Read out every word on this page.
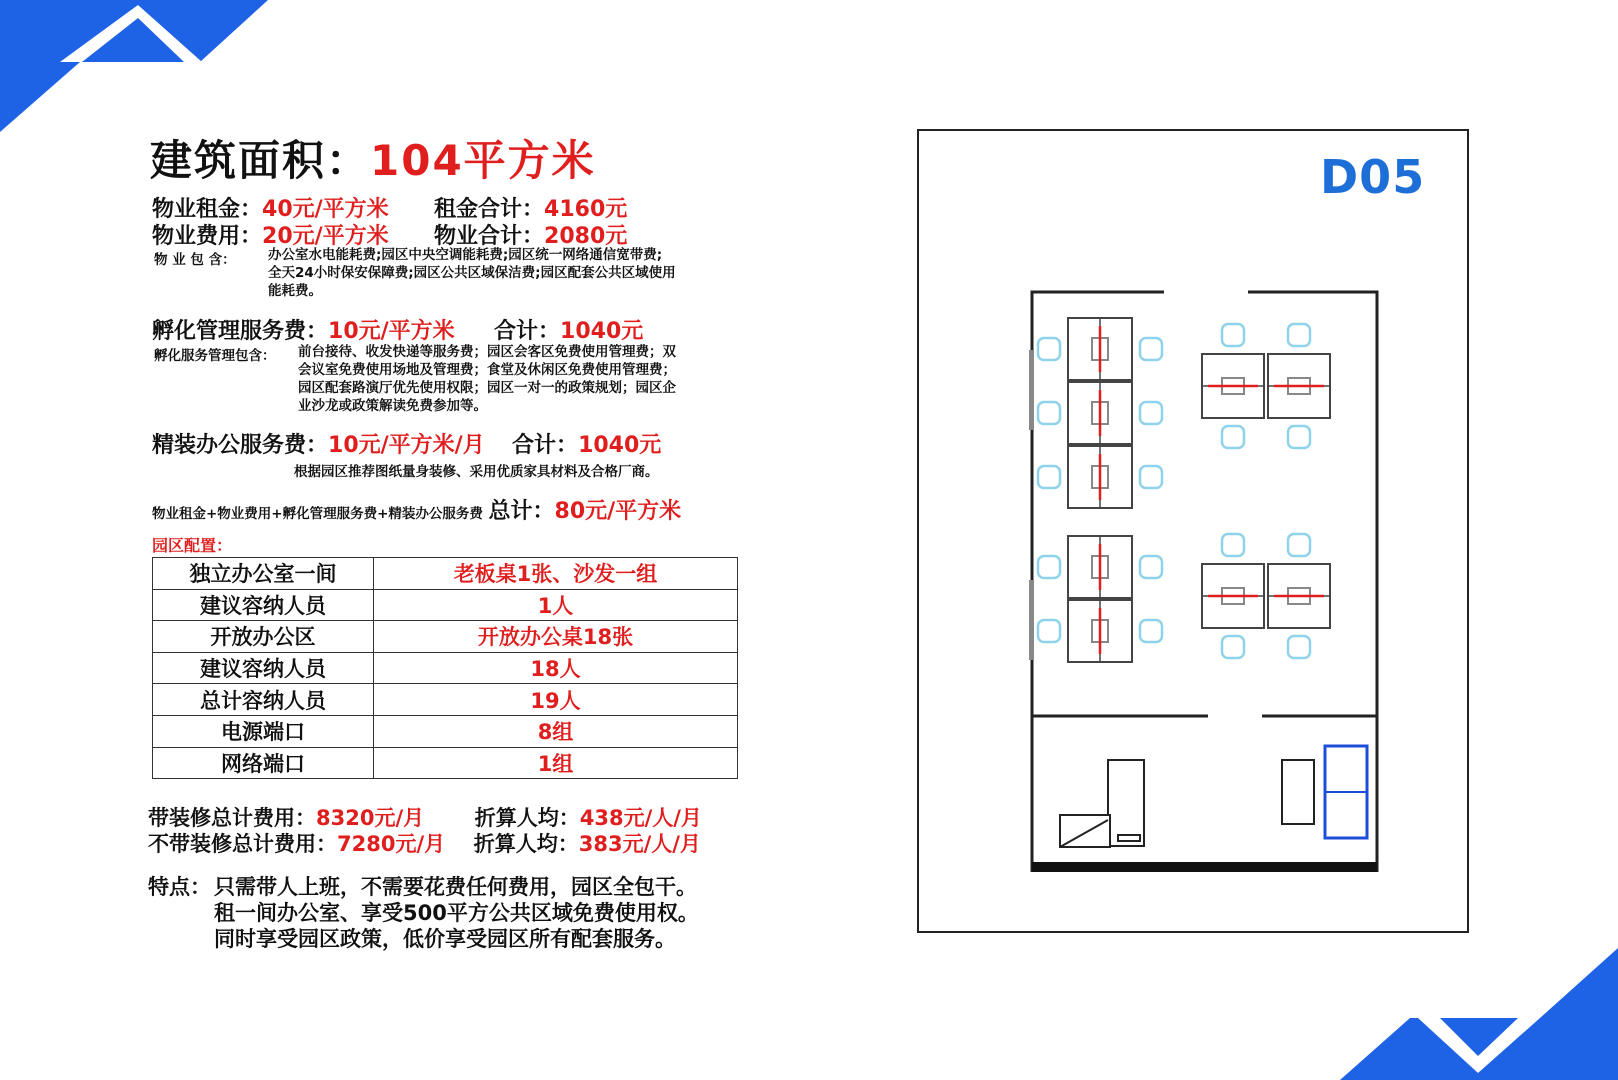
建筑面积：104平方米
物业租金：40元/平方米 租金合计：4160元
物业费用：20元/平方米 物业合计：2080元
物 业 包 含： 办公室水电能耗费;园区中央空调能耗费;园区统一网络通信宽带费;
全天24小时保安保障费;园区公共区域保洁费;园区配套公共区域使用
能耗费。
孵化管理服务费：10元/平方米 合计：1040元
孵化服务管理包含： 前台接待、收发快递等服务费；园区会客区免费使用管理费；双
会议室免费使用场地及管理费；食堂及休闲区免费使用管理费；
园区配套路演厅优先使用权限；园区一对一的政策规划；园区企
业沙龙或政策解读免费参加等。
精装办公服务费：10元/平方米/月 合计：1040元
根据园区推荐图纸量身装修、采用优质家具材料及合格厂商。
物业租金+物业费用+孵化管理服务费+精装办公服务费 总计：80元/平方米
园区配置：
独立办公室一间	老板桌1张、沙发一组
建议容纳人员	1人
开放办公区	开放办公桌18张
建议容纳人员	18人
总计容纳人员	19人
电源端口	8组
网络端口	1组
带装修总计费用：8320元/月 折算人均：438元/人/月
不带装修总计费用：7280元/月 折算人均：383元/人/月
特点： 只需带人上班，不需要花费任何费用，园区全包干。
租一间办公室、享受500平方公共区域免费使用权。
同时享受园区政策，低价享受园区所有配套服务。
D05
